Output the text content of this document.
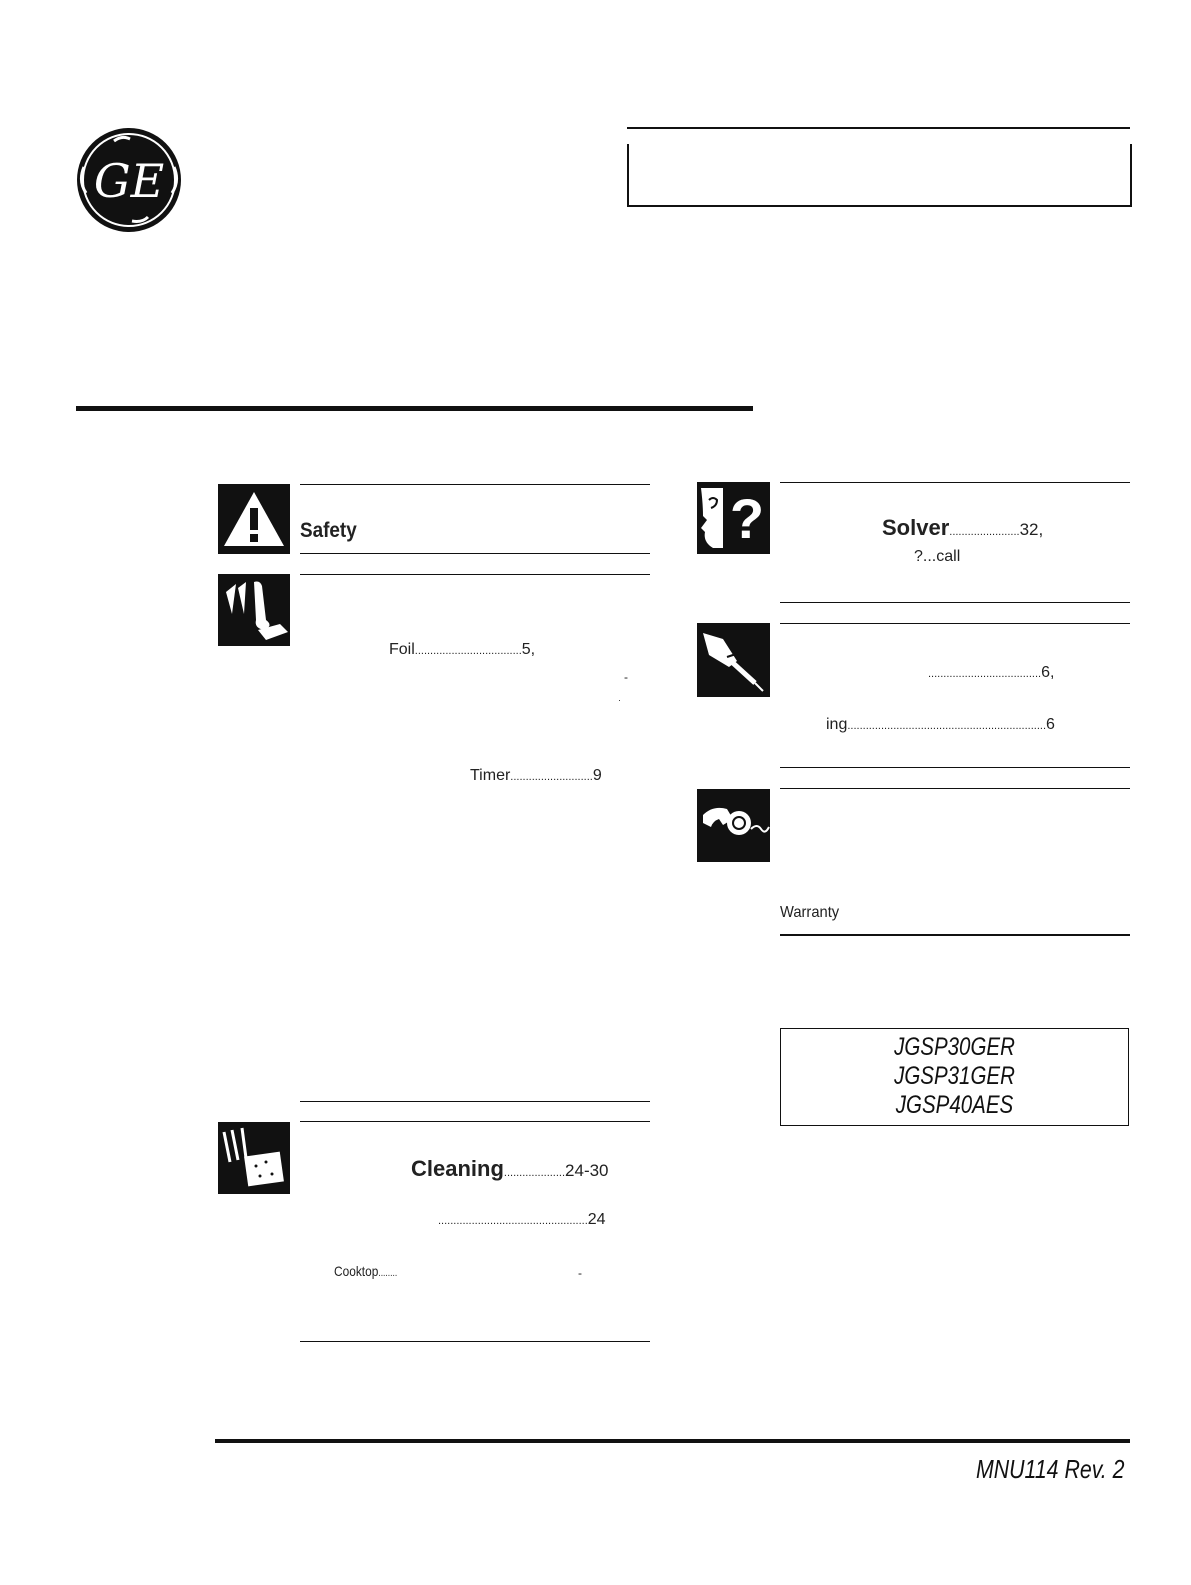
GE
Safety
Foil...................................5,
-
·
Timer...........................9
Cleaning....................24-30
.................................................24
Cooktop........	-
?	Solver.......................32,
?...call
.....................................6,
ing.................................................................6
Warranty
JGSP30GER
JGSP31GER
JGSP40AES
MNU114 Rev. 2
